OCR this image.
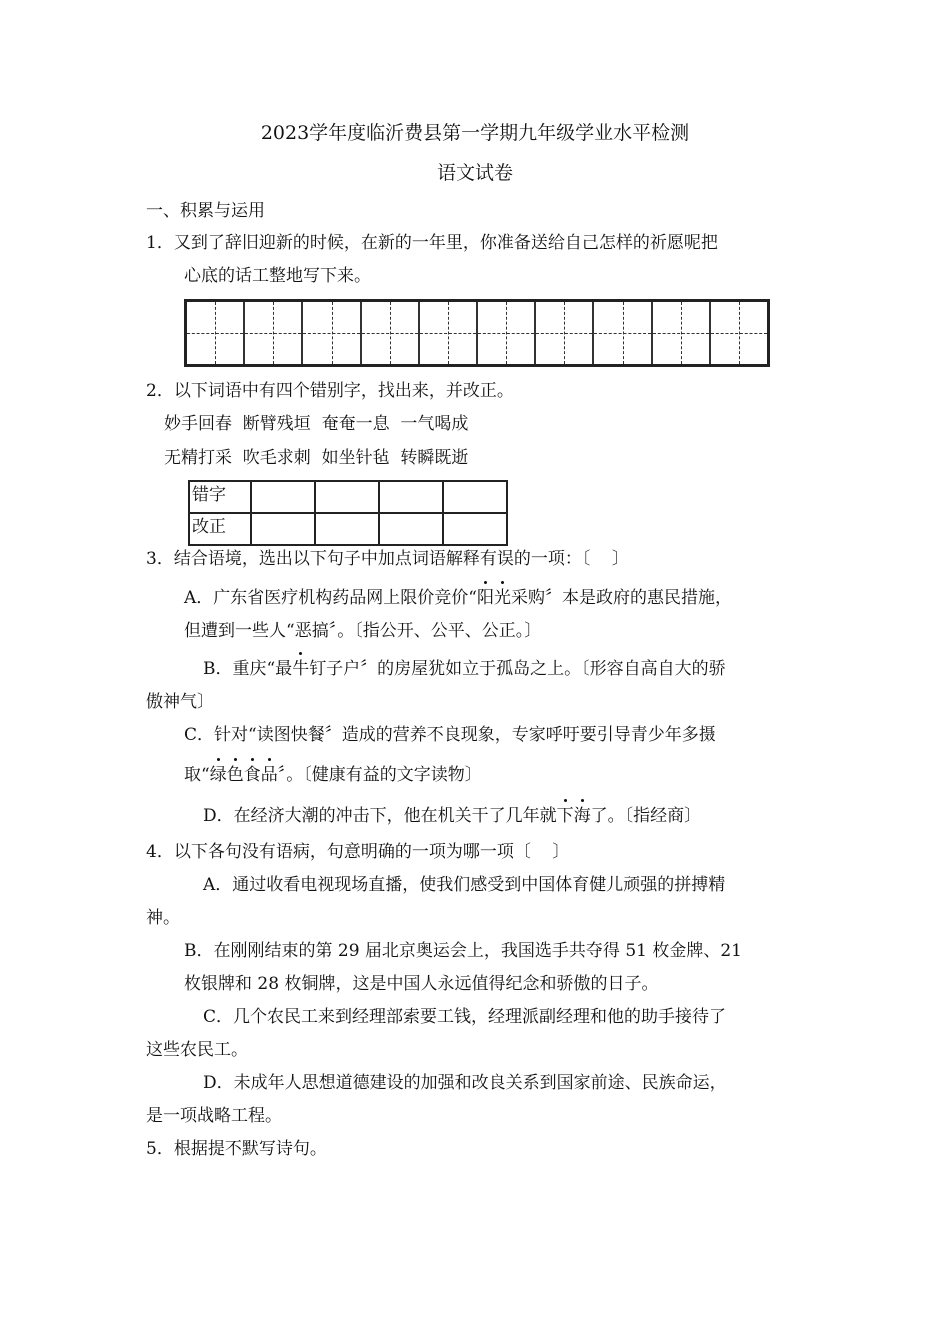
2023学年度临沂费县第一学期九年级学业水平检测
语文试卷
一、积累与运用
1．又到了辞旧迎新的时候，在新的一年里，你准备送给自己怎样的祈愿呢把
心底的话工整地写下来。
2．以下词语中有四个错别字，找出来，并改正。
妙手回春  断臂残垣  奄奄一息  一气喝成
无精打采  吹毛求刺  如坐针毡  转瞬既逝
错字				
改正				
3．结合语境，选出以下句子中加点词语解释有误的一项：〔    〕
A．广东省医疗机构药品网上限价竞价“阳光采购〞本是政府的惠民措施，
但遭到一些人“恶搞〞。〔指公开、公平、公正。〕
B．重庆“最牛钉子户〞的房屋犹如立于孤岛之上。〔形容自高自大的骄
傲神气〕
C．针对“读图快餐〞造成的营养不良现象，专家呼吁要引导青少年多摄
取“绿色食品〞。〔健康有益的文字读物〕
D．在经济大潮的冲击下，他在机关干了几年就下海了。〔指经商〕
4．以下各句没有语病，句意明确的一项为哪一项〔    〕
A．通过收看电视现场直播，使我们感受到中国体育健儿顽强的拼搏精
神。
B．在刚刚结束的第 29 届北京奥运会上，我国选手共夺得 51 枚金牌、21
枚银牌和 28 枚铜牌，这是中国人永远值得纪念和骄傲的日子。
C．几个农民工来到经理部索要工钱，经理派副经理和他的助手接待了
这些农民工。
D．未成年人思想道德建设的加强和改良关系到国家前途、民族命运，
是一项战略工程。
5．根据提不默写诗句。
